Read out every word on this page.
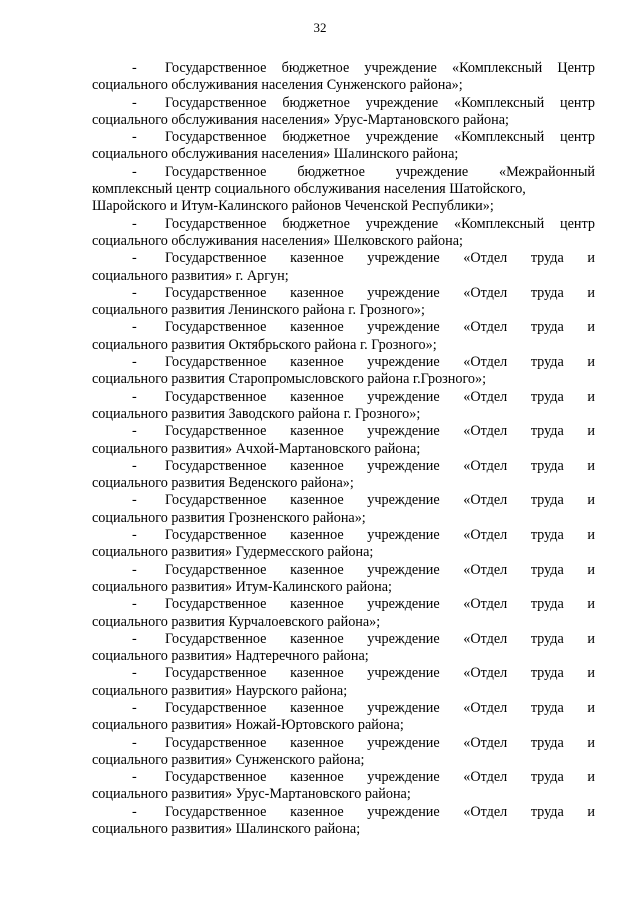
32
-	Государственное бюджетное учреждение «Комплексный Центр
социального обслуживания населения Сунженского района»;
-	Государственное бюджетное учреждение «Комплексный центр
социального обслуживания населения» Урус-Мартановского района;
-	Государственное бюджетное учреждение «Комплексный центр
социального обслуживания населения» Шалинского района;
-	Государственное бюджетное учреждение «Межрайонный
комплексный центр социального обслуживания населения Шатойского,
Шаройского и Итум-Калинского районов Чеченской Республики»;
-	Государственное бюджетное учреждение «Комплексный центр
социального обслуживания населения» Шелковского района;
-	Государственное казенное учреждение «Отдел труда и
социального развития» г. Аргун;
-	Государственное казенное учреждение «Отдел труда и
социального развития Ленинского района г. Грозного»;
-	Государственное казенное учреждение «Отдел труда и
социального развития Октябрьского района г. Грозного»;
-	Государственное казенное учреждение «Отдел труда и
социального развития Старопромысловского района г.Грозного»;
-	Государственное казенное учреждение «Отдел труда и
социального развития Заводского района г. Грозного»;
-	Государственное казенное учреждение «Отдел труда и
социального развития» Ачхой-Мартановского района;
-	Государственное казенное учреждение «Отдел труда и
социального развития Веденского района»;
-	Государственное казенное учреждение «Отдел труда и
социального развития Грозненского района»;
-	Государственное казенное учреждение «Отдел труда и
социального развития» Гудермесского района;
-	Государственное казенное учреждение «Отдел труда и
социального развития» Итум-Калинского района;
-	Государственное казенное учреждение «Отдел труда и
социального развития Курчалоевского района»;
-	Государственное казенное учреждение «Отдел труда и
социального развития» Надтеречного района;
-	Государственное казенное учреждение «Отдел труда и
социального развития» Наурского района;
-	Государственное казенное учреждение «Отдел труда и
социального развития» Ножай-Юртовского района;
-	Государственное казенное учреждение «Отдел труда и
социального развития» Сунженского района;
-	Государственное казенное учреждение «Отдел труда и
социального развития» Урус-Мартановского района;
-	Государственное казенное учреждение «Отдел труда и
социального развития» Шалинского района;
